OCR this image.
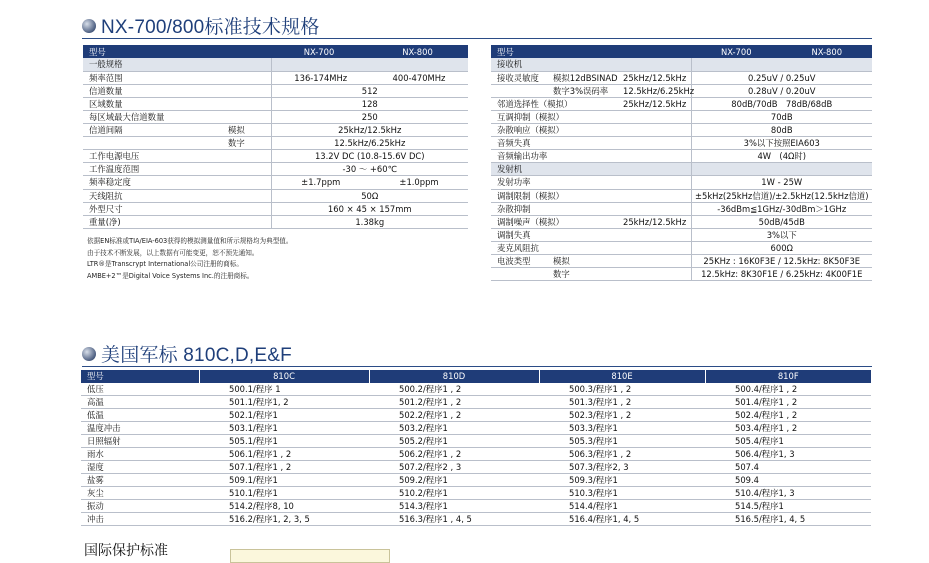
NX-700/800标准技术规格
型号		NX-700	NX-800
一般规格			
频率范围		136-174MHz	400-470MHz
信道数量		512	
区域数量		128	
每区域最大信道数量		250	
信道间隔	模拟	25kHz/12.5kHz	
	数字	12.5kHz/6.25kHz	
工作电源电压		13.2V DC (10.8-15.6V DC)	
工作温度范围		-30 ～ +60℃	
频率稳定度		±1.7ppm	±1.0ppm
天线阻抗		50Ω	
外型尺寸		160 × 45 × 157mm	
重量(净)		1.38kg	
依据EN标准或TIA/EIA-603获得的模拟测量值和所示规格均为典型值。
由于技术不断发展，以上数据有可能变更，恕不预先通知。
LTR®是Transcrypt International公司注册的商标。
AMBE+2™是Digital Voice Systems Inc.的注册商标。
型号			NX-700 NX-800

接收机			
接收灵敏度	模拟12dBSINAD	25kHz/12.5kHz	0.25uV / 0.25uV
	数字3%误码率	12.5kHz/6.25kHz	0.28uV / 0.20uV
邻道选择性（模拟）		25kHz/12.5kHz	80dB/70dB　78dB/68dB
互调抑制（模拟）			70dB
杂散响应（模拟）			80dB
音频失真			3%以下按照EIA603
音频输出功率			4W　(4Ω时)
发射机			
发射功率			1W - 25W
调制限制（模拟）			±5kHz(25kHz信道)/±2.5kHz(12.5kHz信道)
杂散抑制			-36dBm≦1GHz/-30dBm＞1GHz
调制噪声（模拟）		25kHz/12.5kHz	50dB/45dB
调制失真			3%以下
麦克风阻抗			600Ω
电波类型	模拟		25KHz : 16K0F3E / 12.5kHz: 8K50F3E
	数字		12.5kHz: 8K30F1E / 6.25kHz: 4K00F1E
美国军标 810C,D,E&F
型号	810C	810D	810E	810F
低压	500.1/程序 1	500.2/程序1 , 2	500.3/程序1 , 2	500.4/程序1 , 2
高温	501.1/程序1, 2	501.2/程序1 , 2	501.3/程序1 , 2	501.4/程序1 , 2
低温	502.1/程序1	502.2/程序1 , 2	502.3/程序1 , 2	502.4/程序1 , 2
温度冲击	503.1/程序1	503.2/程序1	503.3/程序1	503.4/程序1 , 2
日照辐射	505.1/程序1	505.2/程序1	505.3/程序1	505.4/程序1
雨水	506.1/程序1 , 2	506.2/程序1 , 2	506.3/程序1 , 2	506.4/程序1, 3
湿度	507.1/程序1 , 2	507.2/程序2 , 3	507.3/程序2, 3	507.4
盐雾	509.1/程序1	509.2/程序1	509.3/程序1	509.4
灰尘	510.1/程序1	510.2/程序1	510.3/程序1	510.4/程序1, 3
振动	514.2/程序8, 10	514.3/程序1	514.4/程序1	514.5/程序1
冲击	516.2/程序1, 2, 3, 5	516.3/程序1 , 4, 5	516.4/程序1, 4, 5	516.5/程序1, 4, 5
国际保护标准
